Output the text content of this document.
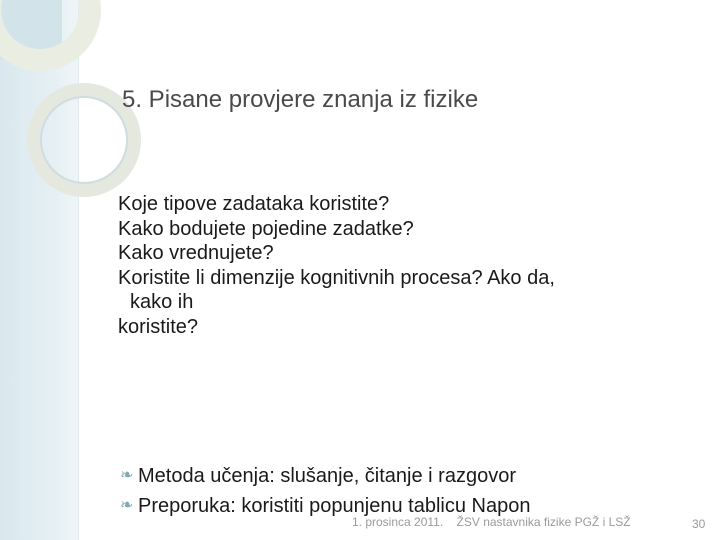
5. Pisane provjere znanja iz fizike
Koje tipove zadataka koristite?
Kako bodujete pojedine zadatke?
Kako vrednujete?
Koristite li dimenzije kognitivnih procesa? Ako da,
kako ih
koristite?
❧ Metoda učenja: slušanje, čitanje i razgovor
❧ Preporuka: koristiti popunjenu tablicu Napon
1. prosinca 2011. ŽSV nastavnika fizike PGŽ i LSŽ	30
